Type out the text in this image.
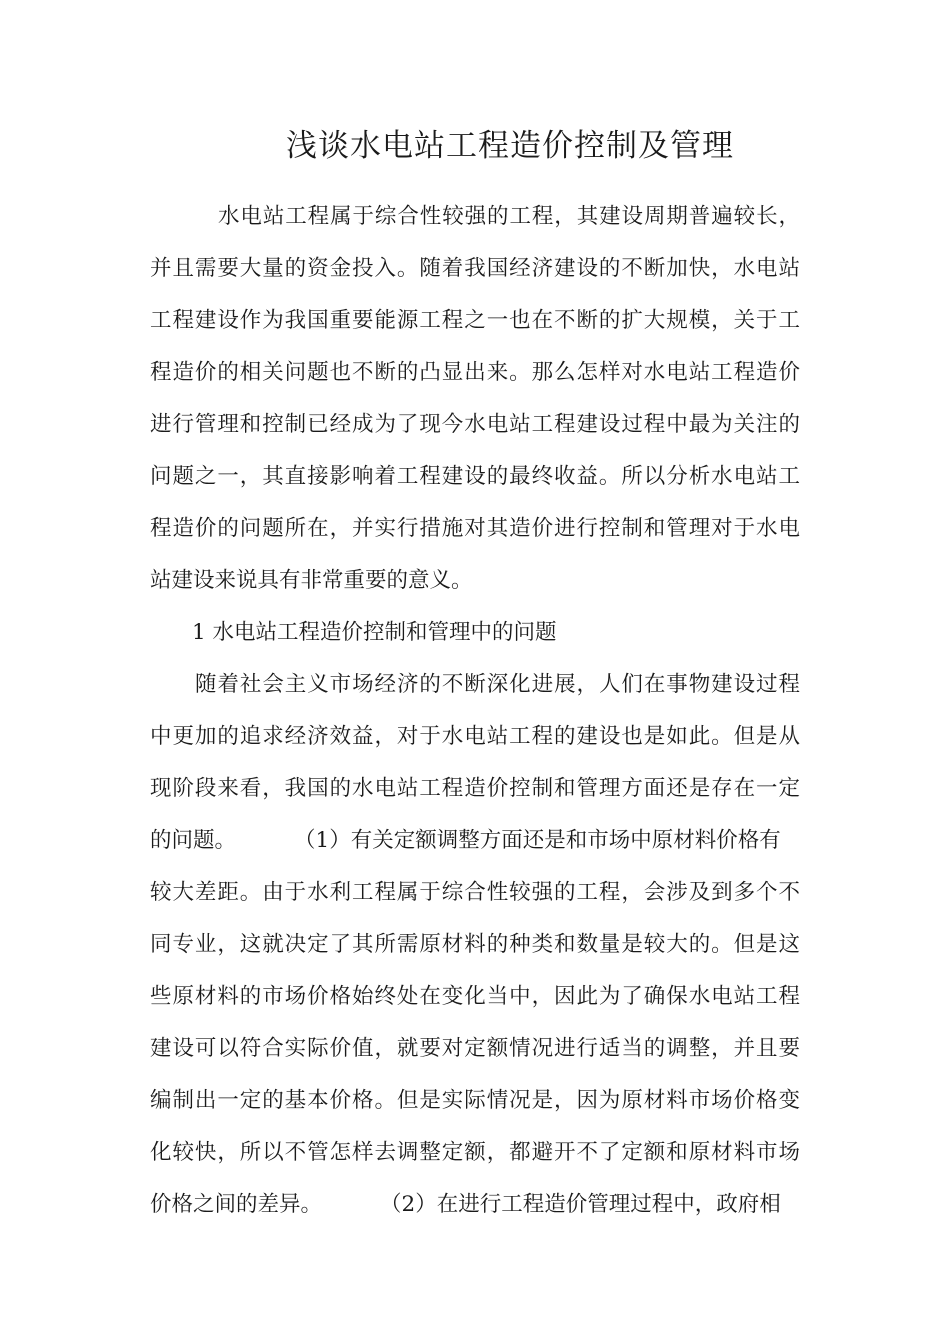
浅谈水电站工程造价控制及管理
水电站工程属于综合性较强的工程，其建设周期普遍较长，
并且需要大量的资金投入。随着我国经济建设的不断加快，水电站
工程建设作为我国重要能源工程之一也在不断的扩大规模，关于工
程造价的相关问题也不断的凸显出来。那么怎样对水电站工程造价
进行管理和控制已经成为了现今水电站工程建设过程中最为关注的
问题之一，其直接影响着工程建设的最终收益。所以分析水电站工
程造价的问题所在，并实行措施对其造价进行控制和管理对于水电
站建设来说具有非常重要的意义。
1 水电站工程造价控制和管理中的问题
随着社会主义市场经济的不断深化进展，人们在事物建设过程
中更加的追求经济效益，对于水电站工程的建设也是如此。但是从
现阶段来看，我国的水电站工程造价控制和管理方面还是存在一定
的问题。	（1）有关定额调整方面还是和市场中原材料价格有
较大差距。由于水利工程属于综合性较强的工程，会涉及到多个不
同专业，这就决定了其所需原材料的种类和数量是较大的。但是这
些原材料的市场价格始终处在变化当中，因此为了确保水电站工程
建设可以符合实际价值，就要对定额情况进行适当的调整，并且要
编制出一定的基本价格。但是实际情况是，因为原材料市场价格变
化较快，所以不管怎样去调整定额，都避开不了定额和原材料市场
价格之间的差异。	（2）在进行工程造价管理过程中，政府相
